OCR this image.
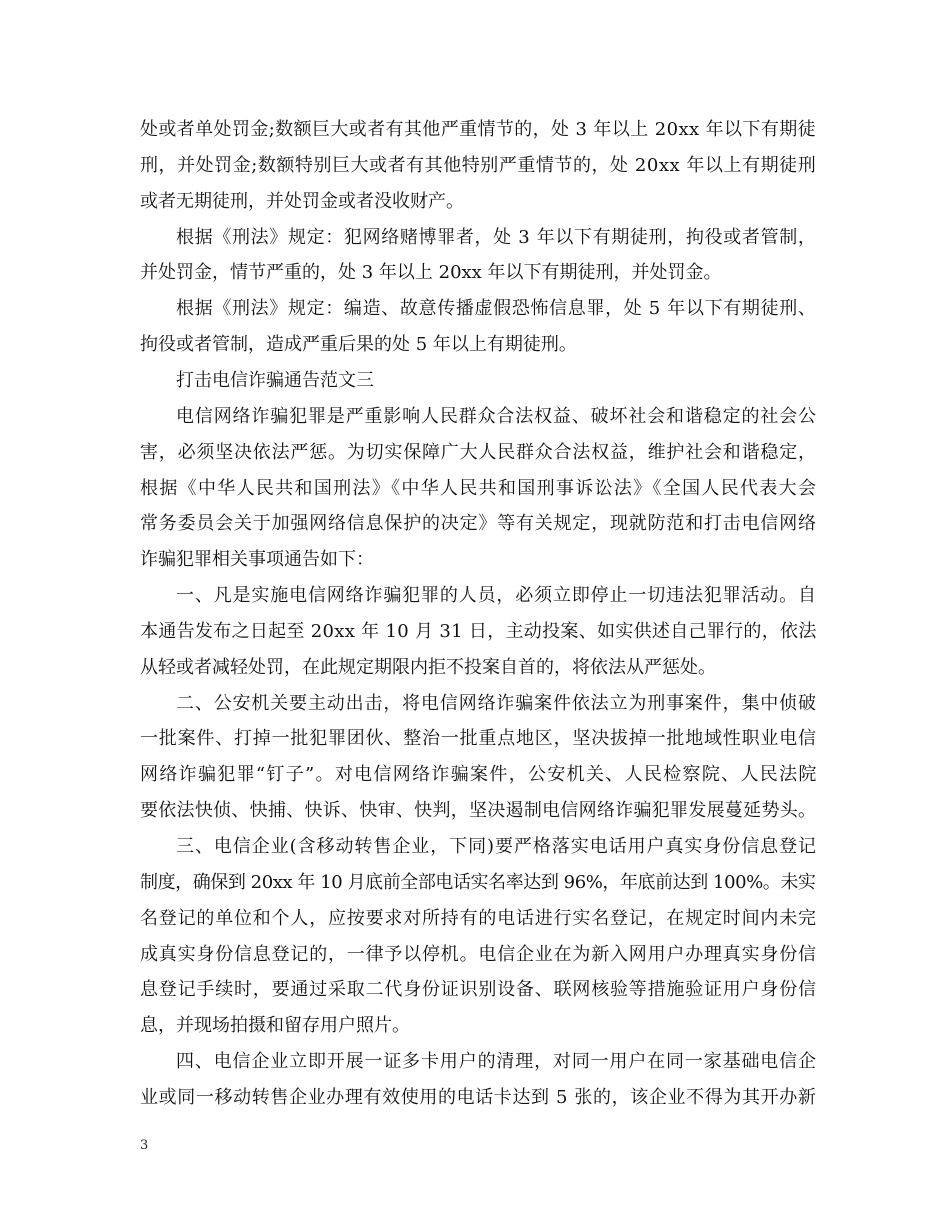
处或者单处罚金;数额巨大或者有其他严重情节的，处 3 年以上 20xx 年以下有期徒
刑，并处罚金;数额特别巨大或者有其他特别严重情节的，处 20xx 年以上有期徒刑
或者无期徒刑，并处罚金或者没收财产。
根据《刑法》规定：犯网络赌博罪者，处 3 年以下有期徒刑，拘役或者管制，
并处罚金，情节严重的，处 3 年以上 20xx 年以下有期徒刑，并处罚金。
根据《刑法》规定：编造、故意传播虚假恐怖信息罪，处 5 年以下有期徒刑、
拘役或者管制，造成严重后果的处 5 年以上有期徒刑。
打击电信诈骗通告范文三
电信网络诈骗犯罪是严重影响人民群众合法权益、破坏社会和谐稳定的社会公
害，必须坚决依法严惩。为切实保障广大人民群众合法权益，维护社会和谐稳定，
根据《中华人民共和国刑法》《中华人民共和国刑事诉讼法》《全国人民代表大会
常务委员会关于加强网络信息保护的决定》等有关规定，现就防范和打击电信网络
诈骗犯罪相关事项通告如下：
一、凡是实施电信网络诈骗犯罪的人员，必须立即停止一切违法犯罪活动。自
本通告发布之日起至 20xx 年 10 月 31 日，主动投案、如实供述自己罪行的，依法
从轻或者减轻处罚，在此规定期限内拒不投案自首的，将依法从严惩处。
二、公安机关要主动出击，将电信网络诈骗案件依法立为刑事案件，集中侦破
一批案件、打掉一批犯罪团伙、整治一批重点地区，坚决拔掉一批地域性职业电信
网络诈骗犯罪“钉子”。对电信网络诈骗案件，公安机关、人民检察院、人民法院
要依法快侦、快捕、快诉、快审、快判，坚决遏制电信网络诈骗犯罪发展蔓延势头。
三、电信企业(含移动转售企业，下同)要严格落实电话用户真实身份信息登记
制度，确保到 20xx 年 10 月底前全部电话实名率达到 96%，年底前达到 100%。未实
名登记的单位和个人，应按要求对所持有的电话进行实名登记，在规定时间内未完
成真实身份信息登记的，一律予以停机。电信企业在为新入网用户办理真实身份信
息登记手续时，要通过采取二代身份证识别设备、联网核验等措施验证用户身份信
息，并现场拍摄和留存用户照片。
四、电信企业立即开展一证多卡用户的清理，对同一用户在同一家基础电信企
业或同一移动转售企业办理有效使用的电话卡达到 5 张的，该企业不得为其开办新
3
